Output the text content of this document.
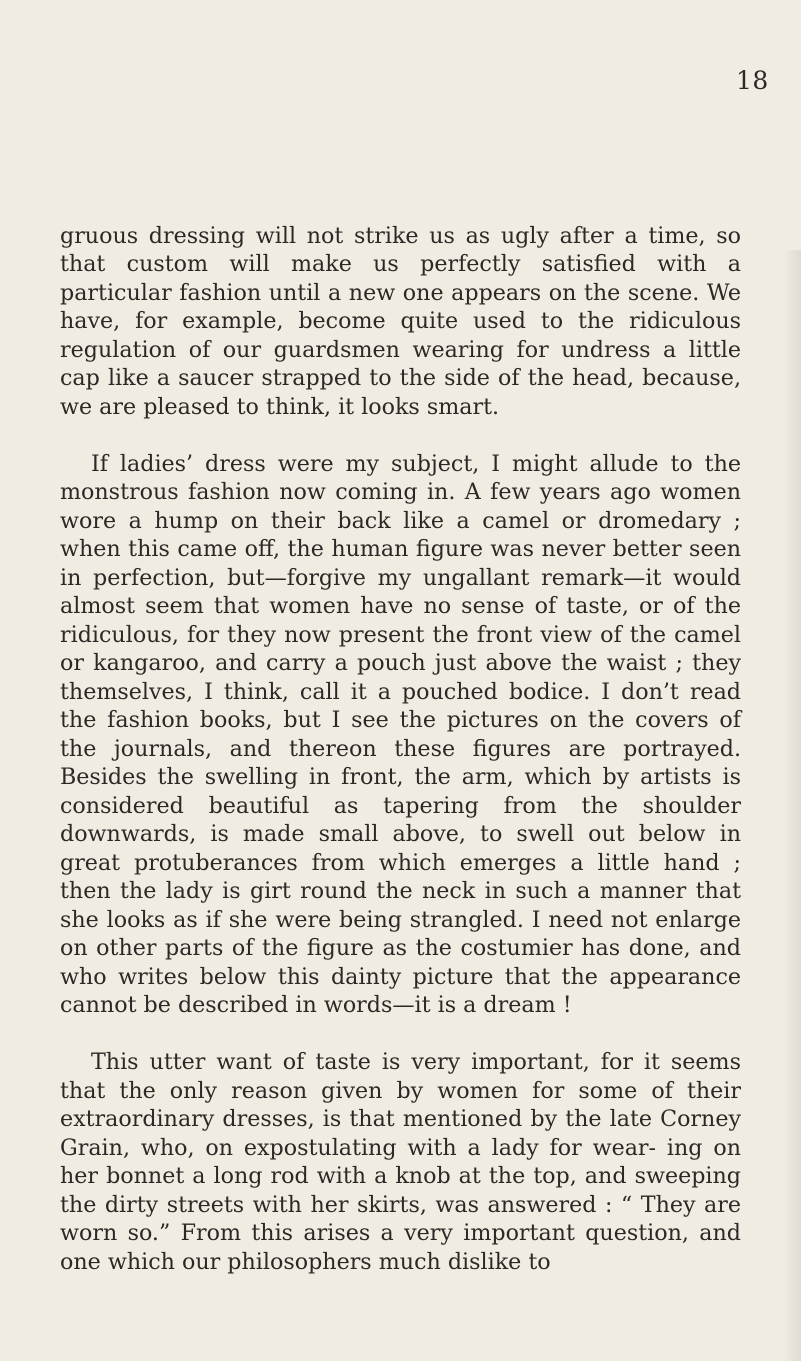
18

gruous dressing will not strike us as ugly after a time, so that custom will make us perfectly satisfied with a particular fashion until a new one appears on the scene. We have, for example, become quite used to the ridiculous regulation of our guardsmen wearing for undress a little cap like a saucer strapped to the side of the head, because, we are pleased to think, it looks smart.

If ladies’ dress were my subject, I might allude to the monstrous fashion now coming in. A few years ago women wore a hump on their back like a camel or dromedary ; when this came off, the human figure was never better seen in perfection, but—forgive my ungallant remark—it would almost seem that women have no sense of taste, or of the ridiculous, for they now present the front view of the camel or kangaroo, and carry a pouch just above the waist ; they themselves, I think, call it a pouched bodice. I don’t read the fashion books, but I see the pictures on the covers of the journals, and thereon these figures are portrayed. Besides the swelling in front, the arm, which by artists is considered beautiful as tapering from the shoulder downwards, is made small above, to swell out below in great protuberances from which emerges a little hand ; then the lady is girt round the neck in such a manner that she looks as if she were being strangled. I need not enlarge on other parts of the figure as the costumier has done, and who writes below this dainty picture that the appearance cannot be described in words—it is a dream !

This utter want of taste is very important, for it seems that the only reason given by women for some of their extraordinary dresses, is that mentioned by the late Corney Grain, who, on expostulating with a lady for wear- ing on her bonnet a long rod with a knob at the top, and sweeping the dirty streets with her skirts, was answered : “ They are worn so.” From this arises a very important question, and one which our philosophers much dislike to
